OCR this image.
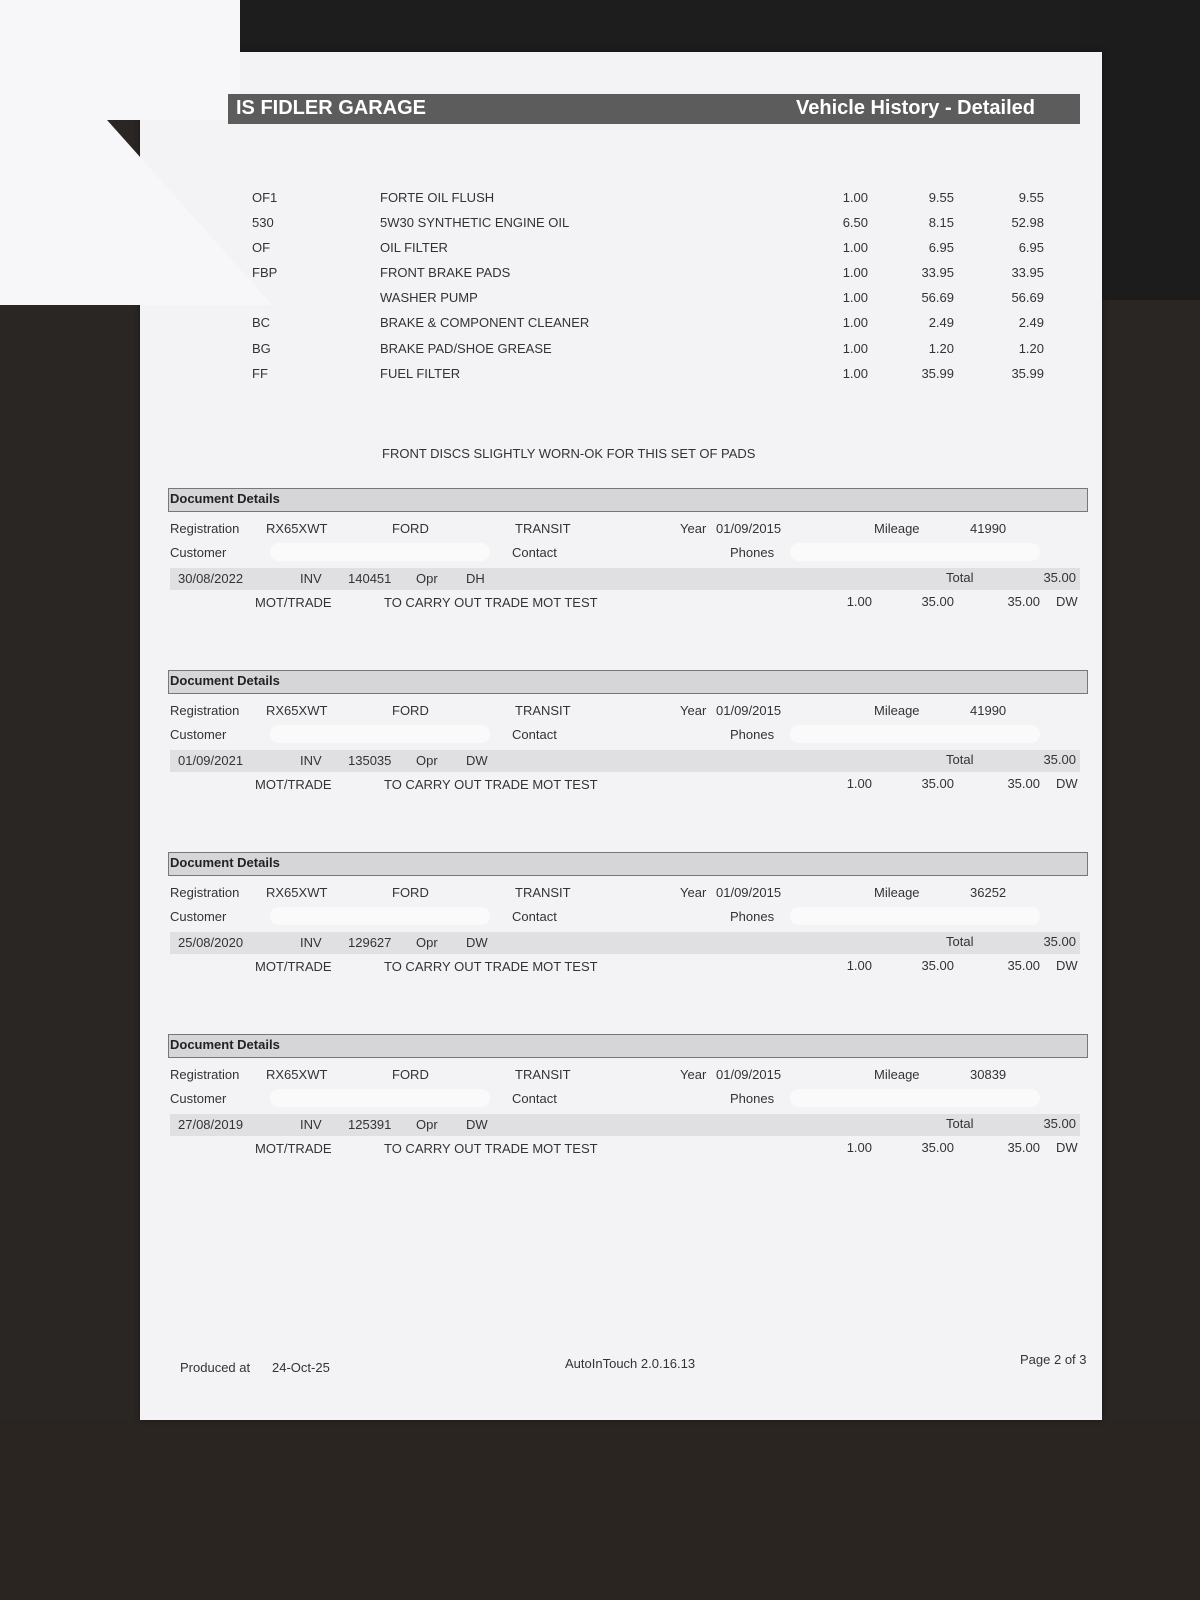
IS FIDLER GARAGE	Vehicle History - Detailed
OF1	FORTE OIL FLUSH	1.00	9.55	9.55
530	5W30 SYNTHETIC ENGINE OIL	6.50	8.15	52.98
OF	OIL FILTER	1.00	6.95	6.95
FBP	FRONT BRAKE PADS	1.00	33.95	33.95
WASHER PUMP	1.00	56.69	56.69
BC	BRAKE & COMPONENT CLEANER	1.00	2.49	2.49
BG	BRAKE PAD/SHOE GREASE	1.00	1.20	1.20
FF	FUEL FILTER	1.00	35.99	35.99
FRONT DISCS SLIGHTLY WORN-OK FOR THIS SET OF PADS
Document Details
Registration RX65XWT	FORD	TRANSIT	Year 01/09/2015	Mileage	41990
Customer	Contact	Phones
30/08/2022	INV 140451 Opr DH	Total	35.00
MOT/TRADE	TO CARRY OUT TRADE MOT TEST	1.00	35.00	35.00 DW
Document Details
Registration RX65XWT	FORD	TRANSIT	Year 01/09/2015	Mileage	41990
Customer	Contact	Phones
01/09/2021	INV 135035 Opr DW	Total	35.00
MOT/TRADE	TO CARRY OUT TRADE MOT TEST	1.00	35.00	35.00 DW
Document Details
Registration RX65XWT	FORD	TRANSIT	Year 01/09/2015	Mileage	36252
Customer	Contact	Phones
25/08/2020	INV 129627 Opr DW	Total	35.00
MOT/TRADE	TO CARRY OUT TRADE MOT TEST	1.00	35.00	35.00 DW
Document Details
Registration RX65XWT	FORD	TRANSIT	Year 01/09/2015	Mileage	30839
Customer	Contact	Phones
27/08/2019	INV 125391 Opr DW	Total	35.00
MOT/TRADE	TO CARRY OUT TRADE MOT TEST	1.00	35.00	35.00 DW
Produced at 24-Oct-25	AutoInTouch 2.0.16.13	Page 2 of 3
